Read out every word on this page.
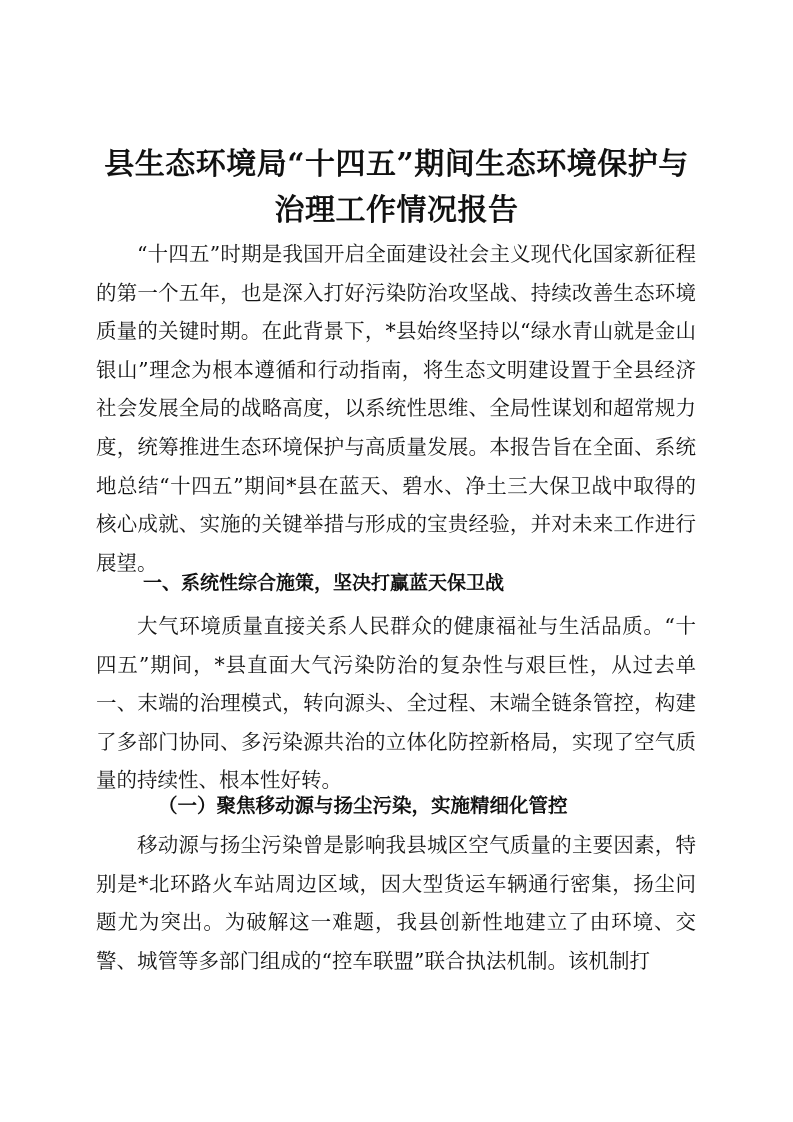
县生态环境局“十四五”期间生态环境保护与
治理工作情况报告

“十四五”时期是我国开启全面建设社会主义现代化国家新征程的第一个五年，也是深入打好污染防治攻坚战、持续改善生态环境质量的关键时期。在此背景下，*县始终坚持以“绿水青山就是金山银山”理念为根本遵循和行动指南，将生态文明建设置于全县经济社会发展全局的战略高度，以系统性思维、全局性谋划和超常规力度，统筹推进生态环境保护与高质量发展。本报告旨在全面、系统地总结“十四五”期间*县在蓝天、碧水、净土三大保卫战中取得的核心成就、实施的关键举措与形成的宝贵经验，并对未来工作进行展望。

一、系统性综合施策，坚决打赢蓝天保卫战

大气环境质量直接关系人民群众的健康福祉与生活品质。“十四五”期间，*县直面大气污染防治的复杂性与艰巨性，从过去单一、末端的治理模式，转向源头、全过程、末端全链条管控，构建了多部门协同、多污染源共治的立体化防控新格局，实现了空气质量的持续性、根本性好转。

（一）聚焦移动源与扬尘污染，实施精细化管控

移动源与扬尘污染曾是影响我县城区空气质量的主要因素，特别是*北环路火车站周边区域，因大型货运车辆通行密集，扬尘问题尤为突出。为破解这一难题，我县创新性地建立了由环境、交警、城管等多部门组成的“控车联盟”联合执法机制。该机制打
